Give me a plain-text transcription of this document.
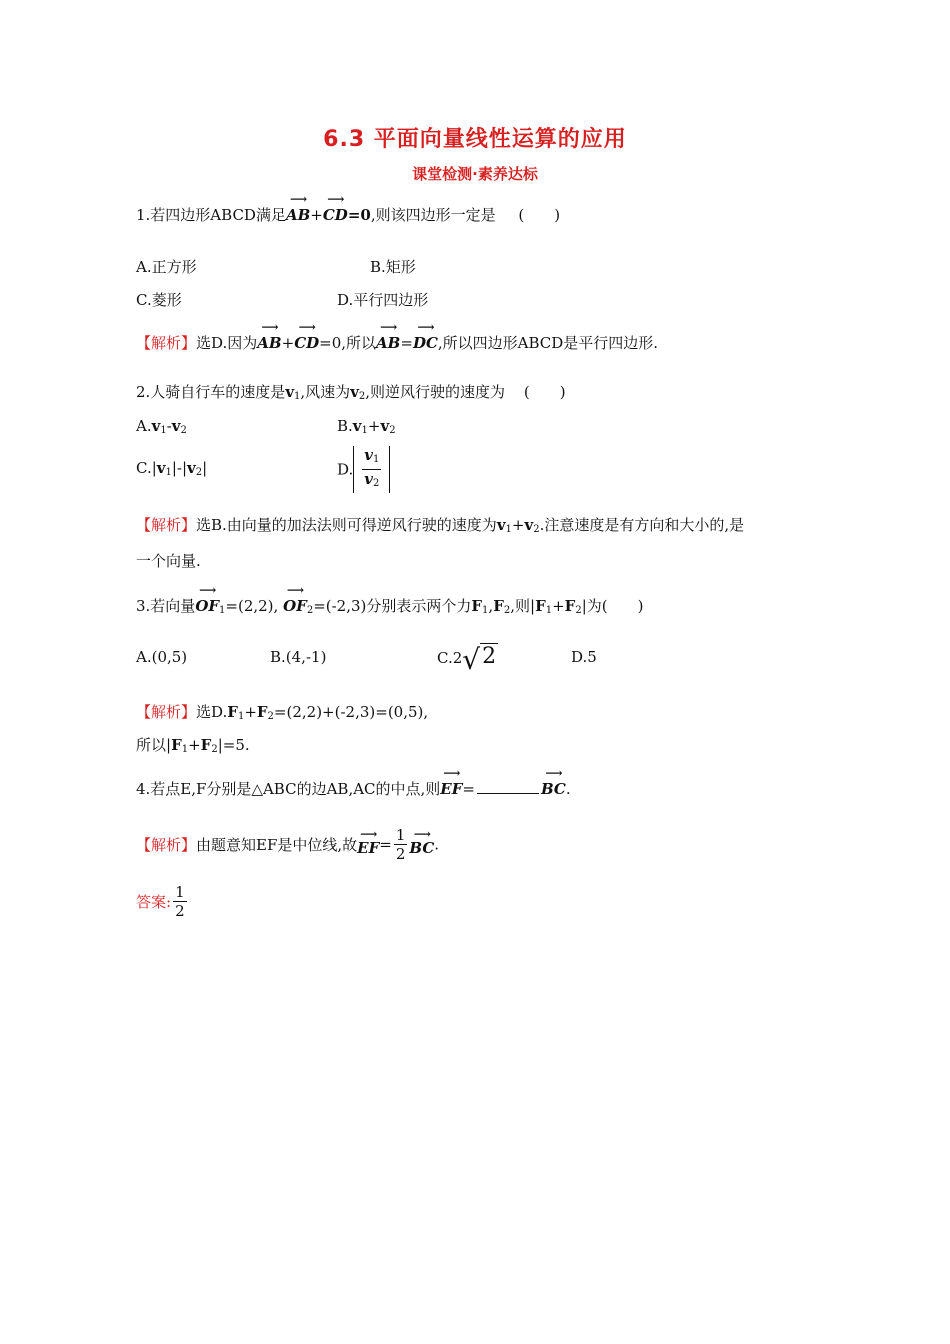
6.3 平面向量线性运算的应用
课堂检测·素养达标
1.若四边形ABCD满足
⟶
AB+
⟶
CD=0,则该四边形一定是 (　　)
A.正方形	B.矩形
C.菱形	D.平行四边形
【解析】选D.因为
⟶
AB+
⟶
CD=0,所以
⟶
AB=
⟶
DC,所以四边形ABCD是平行四边形.
2.人骑自行车的速度是$v_1$,风速为$v_2$,则逆风行驶的速度为 (　　)
$A.v_1-v_2$	$B.v_1+v_2$
$C.|v_1|-|v_2|$	D. $\frac{v_1}{v_2}$
【解析】选B.由向量的加法法则可得逆风行驶的速度为$v_1+v_2$.注意速度是有方向和大小的,是
一个向量.
3.若向量
⟶
$OF_1=(2,2)$,
⟶ $OF_2=(-2,3)$分别表示两个力$F_1,F_2$,则$|F_1+F_2|$为(　　)
A.(0,5)	B.(4,-1)	C.2√2	D.5
【解析】选$D.F_1+F_2=(2,2)+(-2,3)=(0,5)$,
所以$|F_1+F_2|=5$.
4.若点E,F分别是△ABC的边AB,AC的中点,则
⟶
EF=
⟶	BC.
【解析】由题意知EF是中位线,故
⟶
$EF= \frac{1}{2}$
⟶ BC.
答案: $\frac{1}{2}$
